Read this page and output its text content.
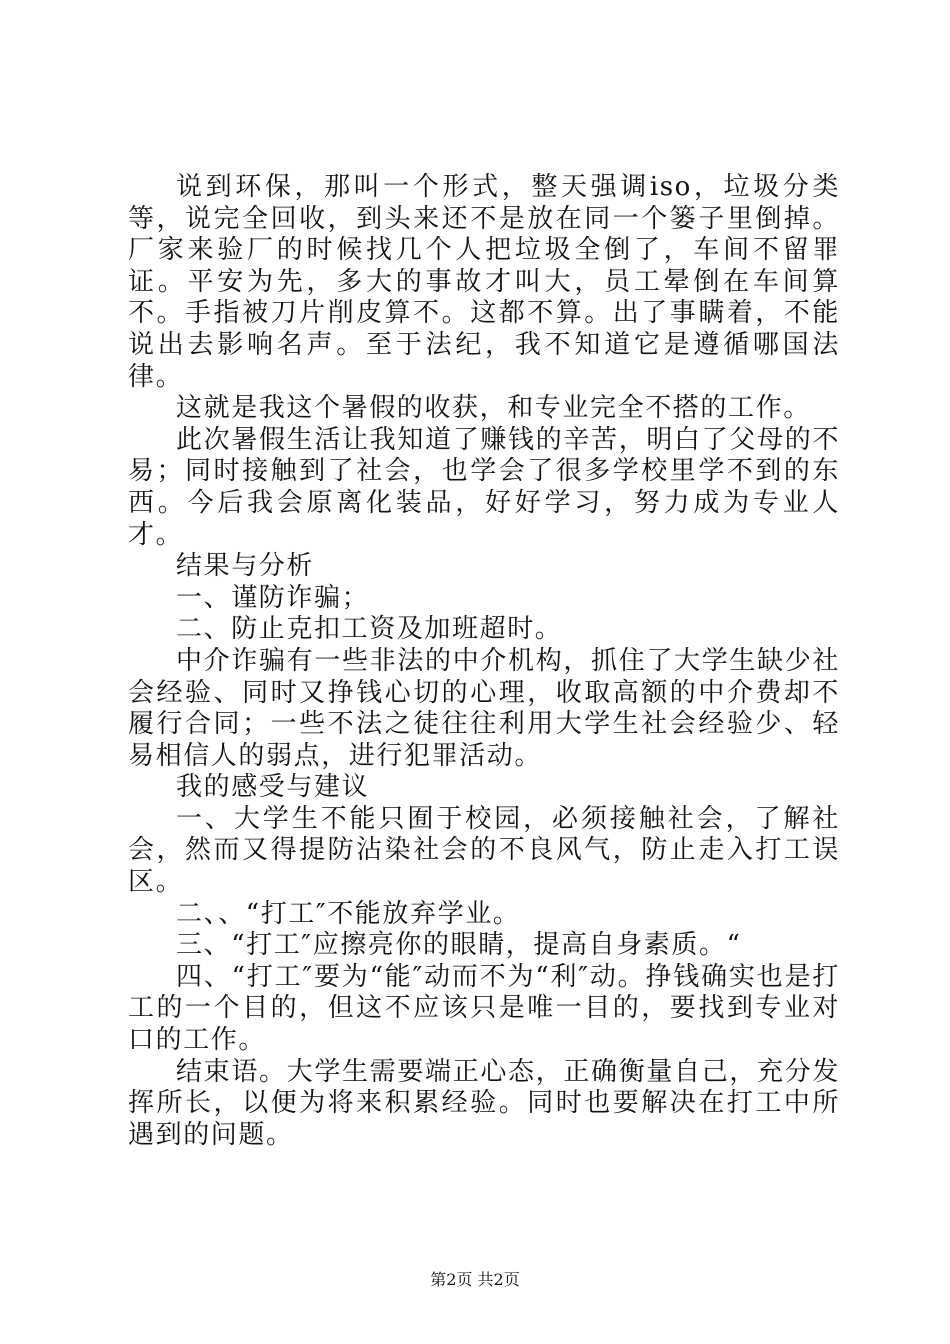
说到环保，那叫一个形式，整天强调iso，垃圾分类等，说完全回收，到头来还不是放在同一个篓子里倒掉。厂家来验厂的时候找几个人把垃圾全倒了，车间不留罪证。平安为先，多大的事故才叫大，员工晕倒在车间算不。手指被刀片削皮算不。这都不算。出了事瞒着，不能说出去影响名声。至于法纪，我不知道它是遵循哪国法律。

这就是我这个暑假的收获，和专业完全不搭的工作。

此次暑假生活让我知道了赚钱的辛苦，明白了父母的不易；同时接触到了社会，也学会了很多学校里学不到的东西。今后我会原离化装品，好好学习，努力成为专业人才。

结果与分析

一、谨防诈骗；

二、防止克扣工资及加班超时。

中介诈骗有一些非法的中介机构，抓住了大学生缺少社会经验、同时又挣钱心切的心理，收取高额的中介费却不履行合同；一些不法之徒往往利用大学生社会经验少、轻易相信人的弱点，进行犯罪活动。

我的感受与建议

一、大学生不能只囿于校园，必须接触社会，了解社会，然而又得提防沾染社会的不良风气，防止走入打工误区。

二、、“打工″不能放弃学业。

三、“打工″应擦亮你的眼睛，提高自身素质。“

四、“打工″要为“能″动而不为“利″动。挣钱确实也是打工的一个目的，但这不应该只是唯一目的，要找到专业对口的工作。

结束语。大学生需要端正心态，正确衡量自己，充分发挥所长，以便为将来积累经验。同时也要解决在打工中所遇到的问题。

第2页 共2页
